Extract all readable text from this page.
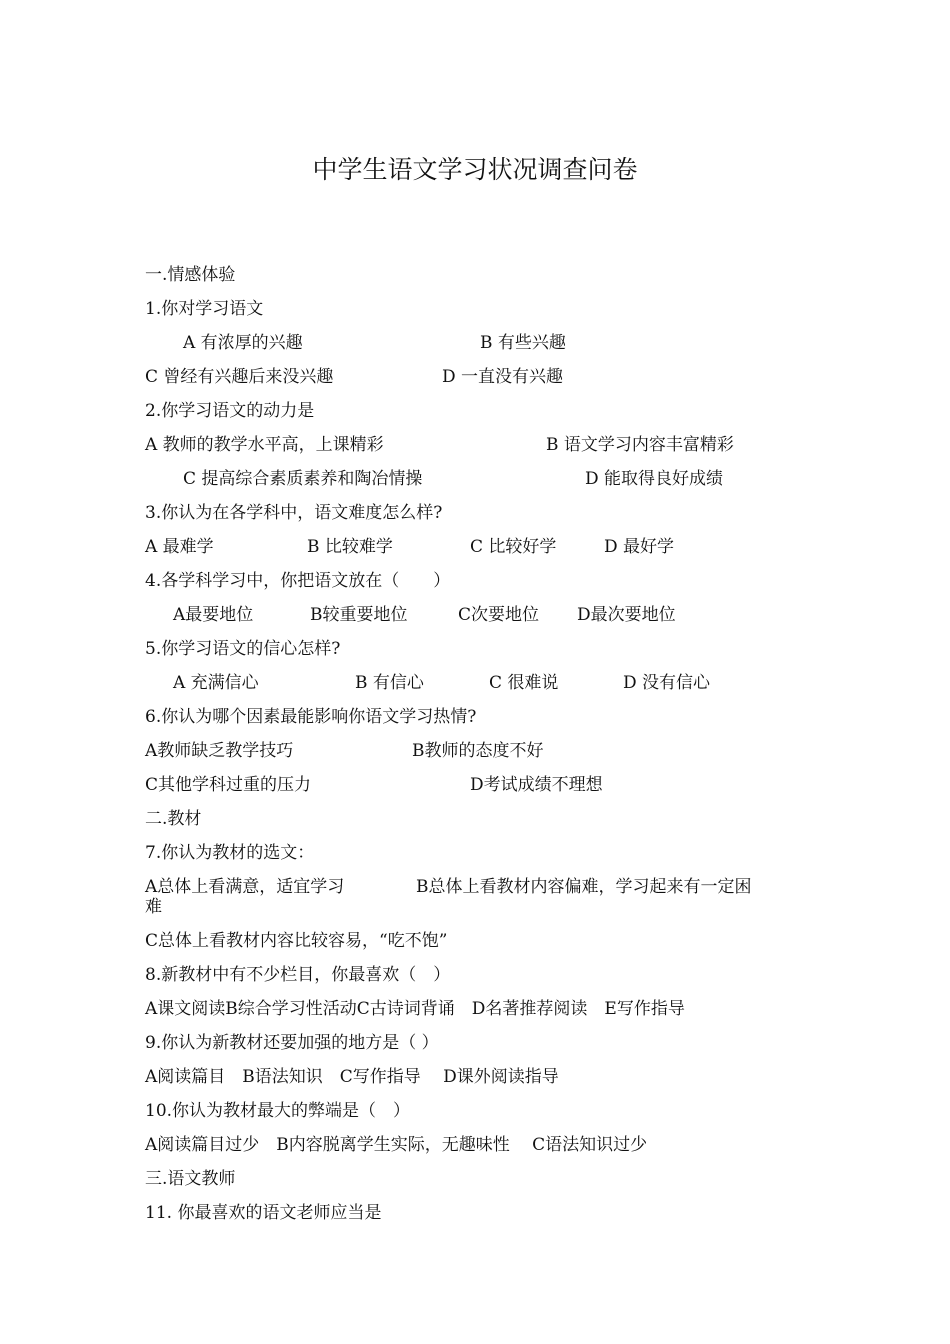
中学生语文学习状况调查问卷
一.情感体验
1.你对学习语文
A 有浓厚的兴趣	B 有些兴趣
C 曾经有兴趣后来没兴趣	D 一直没有兴趣
2.你学习语文的动力是
A 教师的教学水平高，上课精彩	B 语文学习内容丰富精彩
C 提高综合素质素养和陶冶情操	D 能取得良好成绩
3.你认为在各学科中，语文难度怎么样?
A 最难学	B 比较难学	C 比较好学	D 最好学
4.各学科学习中，你把语文放在（　　）
A最要地位	B较重要地位	C次要地位 D最次要地位
5.你学习语文的信心怎样?
A 充满信心	B 有信心	C 很难说	D 没有信心
6.你认为哪个因素最能影响你语文学习热情?
A教师缺乏教学技巧	B教师的态度不好
C其他学科过重的压力	D考试成绩不理想
二.教材
7.你认为教材的选文：
A总体上看满意，适宜学习	B总体上看教材内容偏难，学习起来有一定困
难
C总体上看教材内容比较容易，“吃不饱”
8.新教材中有不少栏目，你最喜欢（　）
A课文阅读B综合学习性活动C古诗词背诵　D名著推荐阅读　E写作指导
9.你认为新教材还要加强的地方是（ ）
A阅读篇目　B语法知识　C写作指导　 D课外阅读指导
10.你认为教材最大的弊端是（　）
A阅读篇目过少　B内容脱离学生实际，无趣味性　 C语法知识过少
三.语文教师
11. 你最喜欢的语文老师应当是
